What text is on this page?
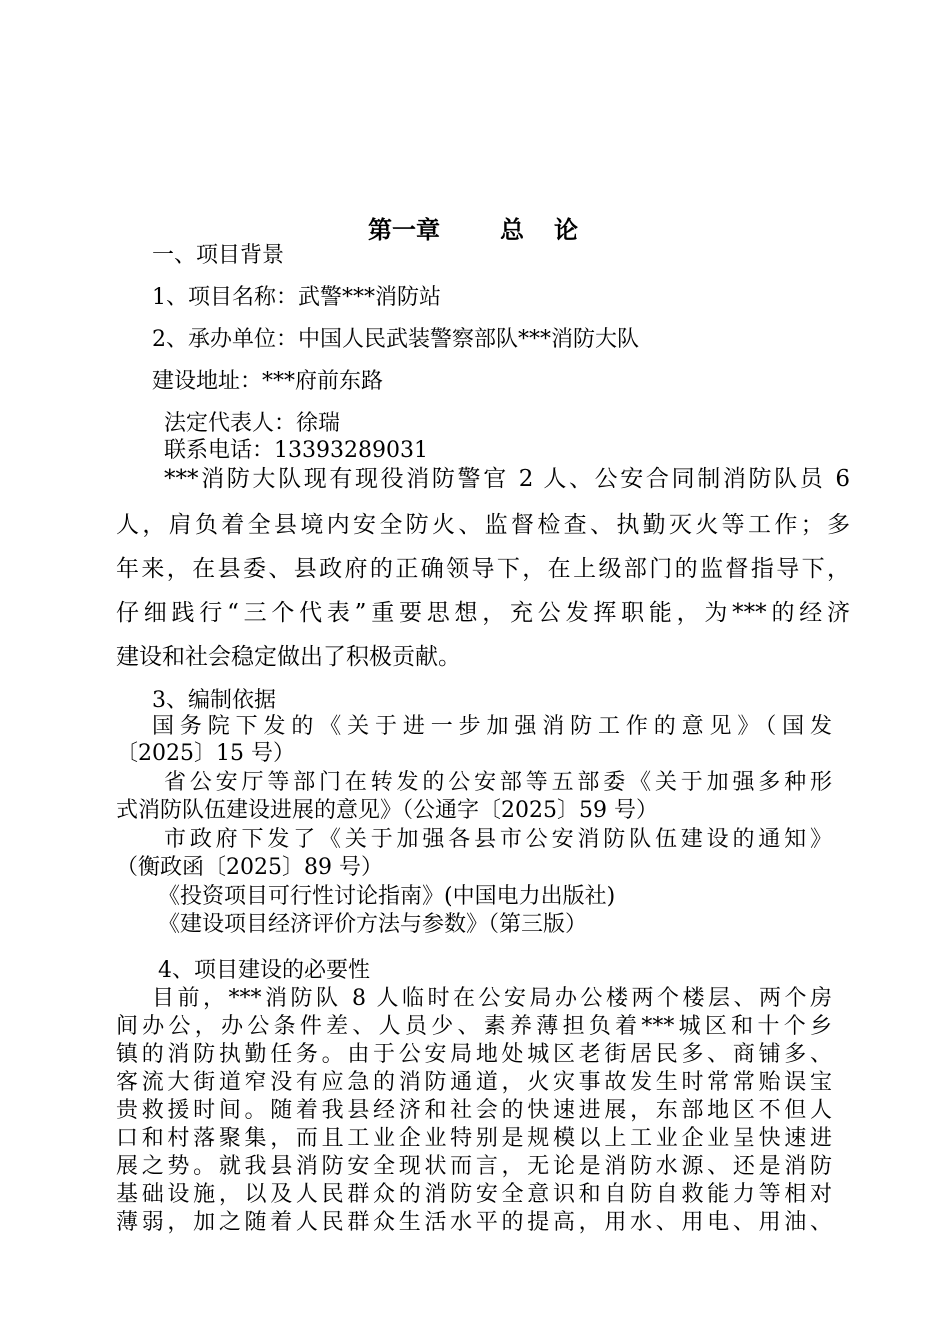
第一章	总 论
一、项目背景
1、项目名称：武警***消防站
2、承办单位：中国人民武装警察部队***消防大队
建设地址：***府前东路
法定代表人：徐瑞
联系电话：13393289031
***消防大队现有现役消防警官 2 人、公安合同制消防队员 6
人，肩负着全县境内安全防火、监督检查、执勤灭火等工作；多
年来，在县委、县政府的正确领导下，在上级部门的监督指导下，
仔细践行“三个代表”重要思想，充公发挥职能，为***的经济
建设和社会稳定做出了积极贡献。
3、编制依据
国务院下发的《关于进一步加强消防工作的意见》（国发
〔2025〕15 号）
省公安厅等部门在转发的公安部等五部委《关于加强多种形
式消防队伍建设进展的意见》（公通字〔2025〕59 号）
市政府下发了《关于加强各县市公安消防队伍建设的通知》
（衡政函〔2025〕89 号）
《投资项目可行性讨论指南》(中国电力出版社)
《建设项目经济评价方法与参数》（第三版）
4、项目建设的必要性
目前，***消防队 8 人临时在公安局办公楼两个楼层、两个房
间办公，办公条件差、人员少、素养薄担负着***城区和十个乡
镇的消防执勤任务。由于公安局地处城区老街居民多、商铺多、
客流大街道窄没有应急的消防通道，火灾事故发生时常常贻误宝
贵救援时间。随着我县经济和社会的快速进展，东部地区不但人
口和村落聚集，而且工业企业特别是规模以上工业企业呈快速进
展之势。就我县消防安全现状而言，无论是消防水源、还是消防
基础设施，以及人民群众的消防安全意识和自防自救能力等相对
薄弱，加之随着人民群众生活水平的提高，用水、用电、用油、
